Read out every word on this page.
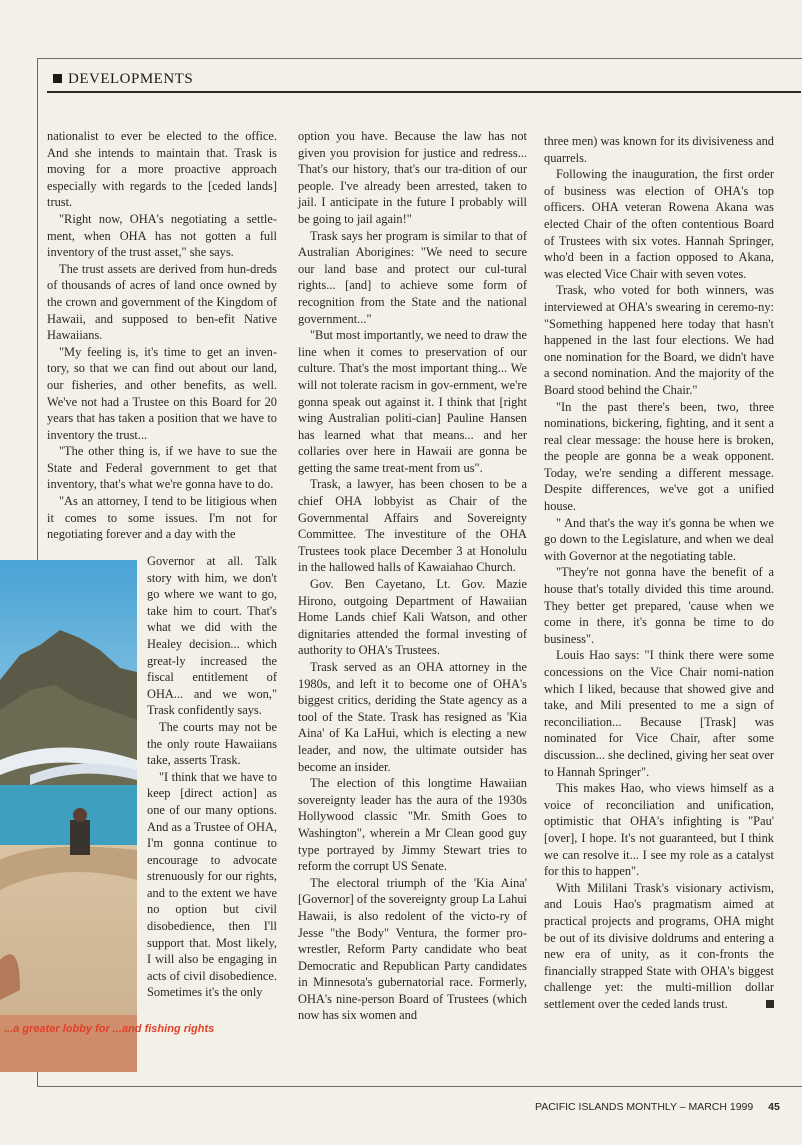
DEVELOPMENTS

nationalist to ever be elected to the office. And she intends to maintain that. Trask is moving for a more proactive approach especially with regards to the [ceded lands] trust.

"Right now, OHA's negotiating a settle-ment, when OHA has not gotten a full inventory of the trust asset," she says.

The trust assets are derived from hun-dreds of thousands of acres of land once owned by the crown and government of the Kingdom of Hawaii, and supposed to ben-efit Native Hawaiians.

"My feeling is, it's time to get an inven-tory, so that we can find out about our land, our fisheries, and other benefits, as well. We've not had a Trustee on this Board for 20 years that has taken a position that we have to inventory the trust...

"The other thing is, if we have to sue the State and Federal government to get that inventory, that's what we're gonna have to do.

"As an attorney, I tend to be litigious when it comes to some issues. I'm not for negotiating forever and a day with the

Governor at all. Talk story with him, we don't go where we want to go, take him to court. That's what we did with the Healey decision... which great-ly increased the fiscal entitlement of OHA... and we won," Trask confidently says.

The courts may not be the only route Hawaiians take, asserts Trask.

"I think that we have to keep [direct action] as one of our many options. And as a Trustee of OHA, I'm gonna continue to encourage to advocate strenuously for our rights, and to the extent we have no option but civil disobedience, then I'll support that. Most likely, I will also be engaging in acts of civil disobedience. Sometimes it's the only

option you have. Because the law has not given you provision for justice and redress... That's our history, that's our tra-dition of our people. I've already been arrested, taken to jail. I anticipate in the future I probably will be going to jail again!"

Trask says her program is similar to that of Australian Aborigines: "We need to secure our land base and protect our cul-tural rights... [and] to achieve some form of recognition from the State and the national government..."

"But most importantly, we need to draw the line when it comes to preservation of our culture. That's the most important thing... We will not tolerate racism in gov-ernment, we're gonna speak out against it. I think that [right wing Australian politi-cian] Pauline Hansen has learned what that means... and her collaries over here in Hawaii are gonna be getting the same treat-ment from us".

Trask, a lawyer, has been chosen to be a chief OHA lobbyist as Chair of the Governmental Affairs and Sovereignty Committee. The investiture of the OHA Trustees took place December 3 at Honolulu in the hallowed halls of Kawaiahao Church.

Gov. Ben Cayetano, Lt. Gov. Mazie Hirono, outgoing Department of Hawaiian Home Lands chief Kali Watson, and other dignitaries attended the formal investing of authority to OHA's Trustees.

Trask served as an OHA attorney in the 1980s, and left it to become one of OHA's biggest critics, deriding the State agency as a tool of the State. Trask has resigned as 'Kia Aina' of Ka LaHui, which is electing a new leader, and now, the ultimate outsider has become an insider.

The election of this longtime Hawaiian sovereignty leader has the aura of the 1930s Hollywood classic "Mr. Smith Goes to Washington", wherein a Mr Clean good guy type portrayed by Jimmy Stewart tries to reform the corrupt US Senate.

The electoral triumph of the 'Kia Aina' [Governor] of the sovereignty group La Lahui Hawaii, is also redolent of the victo-ry of Jesse "the Body" Ventura, the former pro-wrestler, Reform Party candidate who beat Democratic and Republican Party candidates in Minnesota's gubernatorial race. Formerly, OHA's nine-person Board of Trustees (which now has six women and

three men) was known for its divisiveness and quarrels.

Following the inauguration, the first order of business was election of OHA's top officers. OHA veteran Rowena Akana was elected Chair of the often contentious Board of Trustees with six votes. Hannah Springer, who'd been in a faction opposed to Akana, was elected Vice Chair with seven votes.

Trask, who voted for both winners, was interviewed at OHA's swearing in ceremo-ny: "Something happened here today that hasn't happened in the last four elections. We had one nomination for the Board, we didn't have a second nomination. And the majority of the Board stood behind the Chair."

"In the past there's been, two, three nominations, bickering, fighting, and it sent a real clear message: the house here is broken, the people are gonna be a weak opponent. Today, we're sending a different message. Despite differences, we've got a unified house.

" And that's the way it's gonna be when we go down to the Legislature, and when we deal with Governor at the negotiating table.

"They're not gonna have the benefit of a house that's totally divided this time around. They better get prepared, 'cause when we come in there, it's gonna be time to do business".

Louis Hao says: "I think there were some concessions on the Vice Chair nomi-nation which I liked, because that showed give and take, and Mili presented to me a sign of reconciliation... Because [Trask] was nominated for Vice Chair, after some discussion... she declined, giving her seat over to Hannah Springer".

This makes Hao, who views himself as a voice of reconciliation and unification, optimistic that OHA's infighting is "Pau' [over], I hope. It's not guaranteed, but I think we can resolve it... I see my role as a catalyst for this to happen".

With Mililani Trask's visionary activism, and Louis Hao's pragmatism aimed at practical projects and programs, OHA might be out of its divisive doldrums and entering a new era of unity, as it con-fronts the financially strapped State with OHA's biggest challenge yet: the multi-million dollar settlement over the ceded lands trust.

...a greater lobby for ...and fishing rights
PACIFIC ISLANDS MONTHLY – MARCH 1999 45
